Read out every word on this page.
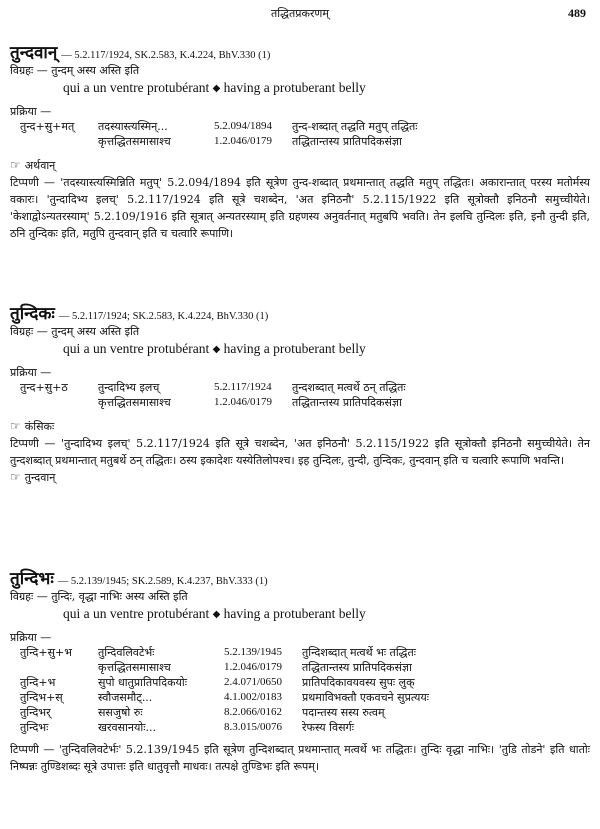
तद्धितप्रकरणम्	489
तुन्दवान् — 5.2.117/1924, SK.2.583, K.4.224, BhV.330 (1)
विग्रहः — तुन्दम् अस्य अस्ति इति
qui a un ventre protubérant ◆ having a protuberant belly
प्रक्रिया —
तुन्द+सु+मत्	तदस्यास्त्यस्मिन्...	5.2.094/1894	तुन्द-शब्दात् तद्धति मतुप् तद्धितः
	कृत्तद्धितसमासाश्च	1.2.046/0179	तद्धितान्तस्य प्रातिपदिकसंज्ञा
☞ अर्थवान्
टिप्पणी — 'तदस्यास्त्यस्मिन्निति मतुप्' 5.2.094/1894 इति सूत्रेण तुन्द-शब्दात् प्रथमान्तात् तद्धति मतुप् तद्धितः। अकारान्तात् परस्य मतोर्मस्य वकारः। 'तुन्दादिभ्य इलच्' 5.2.117/1924 इति सूत्रे चशब्देन, 'अत इनिठनौ' 5.2.115/1922 इति सूत्रोक्तौ इनिठनौ समुच्चीयेते। 'केशाद्वोऽन्यतरस्याम्' 5.2.109/1916 इति सूत्रात् अन्यतरस्याम् इति ग्रहणस्य अनुवर्तनात् मतुबपि भवति। तेन इलचि तुन्दिलः इति, इनौ तुन्दी इति, ठनि तुन्दिकः इति, मतुपि तुन्दवान् इति च चत्वारि रूपाणि।
तुन्दिकः — 5.2.117/1924; SK.2.583, K.4.224, BhV.330 (1)
विग्रहः — तुन्दम् अस्य अस्ति इति
qui a un ventre protubérant ◆ having a protuberant belly
प्रक्रिया —
तुन्द+सु+ठ	तुन्दादिभ्य इलच्	5.2.117/1924	तुन्दशब्दात् मत्वर्थे ठन् तद्धितः
	कृत्तद्धितसमासाश्च	1.2.046/0179	तद्धितान्तस्य प्रातिपदिकसंज्ञा
☞ कंसिकः
टिप्पणी — 'तुन्दादिभ्य इलच्' 5.2.117/1924 इति सूत्रे चशब्देन, 'अत इनिठनौ' 5.2.115/1922 इति सूत्रोक्तौ इनिठनौ समुच्चीयेते। तेन तुन्दशब्दात् प्रथमान्तात् मतुबर्थे ठन् तद्धितः। ठस्य इकादेशः यस्येतिलोपश्च। इह तुन्दिलः, तुन्दी, तुन्दिकः, तुन्दवान् इति च चत्वारि रूपाणि भवन्ति।
☞ तुन्दवान्
तुन्दिभः — 5.2.139/1945; SK.2.589, K.4.237, BhV.333 (1)
विग्रहः — तुन्दिः, वृद्धा नाभिः अस्य अस्ति इति
qui a un ventre protubérant ◆ having a protuberant belly
प्रक्रिया —
तुन्दि+सु+भ	तुन्दिवलिवटेर्भः	5.2.139/1945	तुन्दिशब्दात् मत्वर्थे भः तद्धितः
	कृत्तद्धितसमासाश्च	1.2.046/0179	तद्धितान्तस्य प्रातिपदिकसंज्ञा
तुन्दि+भ	सुपो धातुप्रातिपदिकयोः	2.4.071/0650	प्रातिपदिकावयवस्य सुपः लुक्
तुन्दिभ+स्	स्वौजसमौट्...	4.1.002/0183	प्रथमाविभक्तौ एकवचने सुप्रत्ययः
तुन्दिभर्	ससजुषो रुः	8.2.066/0162	पदान्तस्य सस्य रुत्वम्
तुन्दिभः	खरवसानयोः...	8.3.015/0076	रेफस्य विसर्गः
टिप्पणी — 'तुन्दिवलिवटेर्भः' 5.2.139/1945 इति सूत्रेण तुन्दिशब्दात् प्रथमान्तात् मत्वर्थे भः तद्धितः। तुन्दिः वृद्धा नाभिः। 'तुडि तोडने' इति धातोः निष्पन्नः तुण्डिशब्दः सूत्रे उपात्तः इति धातुवृत्तौ माधवः। तत्पक्षे तुण्डिभः इति रूपम्।
